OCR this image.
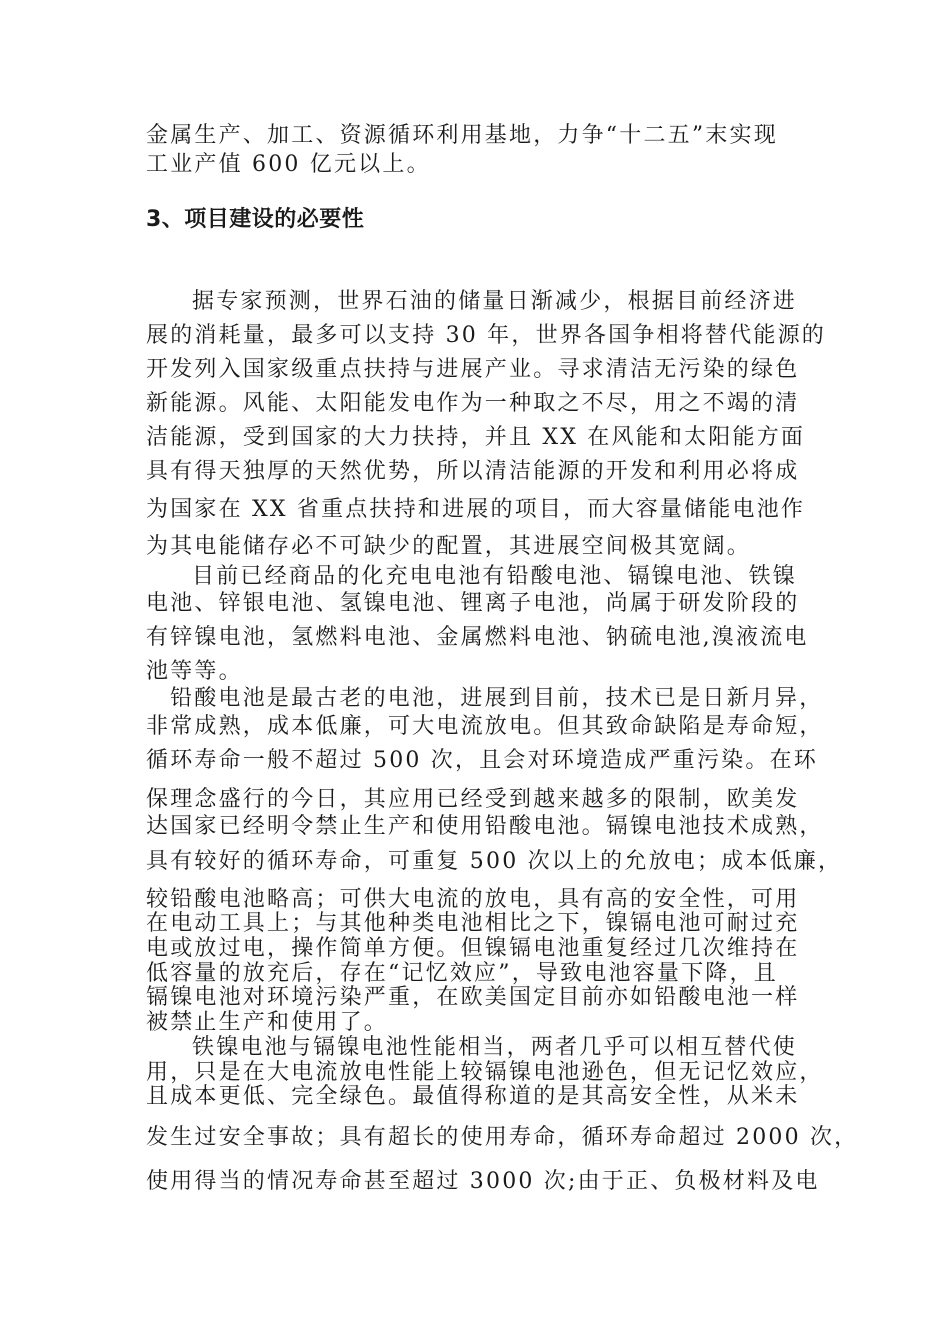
金属生产、加工、资源循环利用基地，力争“十二五”末实现
工业产值 600 亿元以上。
3、项目建设的必要性
据专家预测，世界石油的储量日渐减少，根据目前经济进
展的消耗量，最多可以支持 30 年，世界各国争相将替代能源的
开发列入国家级重点扶持与进展产业。寻求清洁无污染的绿色
新能源。风能、太阳能发电作为一种取之不尽，用之不竭的清
洁能源，受到国家的大力扶持，并且 XX 在风能和太阳能方面
具有得天独厚的天然优势，所以清洁能源的开发和利用必将成
为国家在 XX 省重点扶持和进展的项目，而大容量储能电池作
为其电能储存必不可缺少的配置，其进展空间极其宽阔。
目前已经商品的化充电电池有铅酸电池、镉镍电池、铁镍
电池、锌银电池、氢镍电池、锂离子电池，尚属于研发阶段的
有锌镍电池，氢燃料电池、金属燃料电池、钠硫电池,溴液流电
池等等。
铅酸电池是最古老的电池，进展到目前，技术已是日新月异，
非常成熟，成本低廉，可大电流放电。但其致命缺陷是寿命短，
循环寿命一般不超过 500 次，且会对环境造成严重污染。在环
保理念盛行的今日，其应用已经受到越来越多的限制，欧美发
达国家已经明令禁止生产和使用铅酸电池。镉镍电池技术成熟，
具有较好的循环寿命，可重复 500 次以上的允放电；成本低廉，
较铅酸电池略高；可供大电流的放电，具有高的安全性，可用
在电动工具上；与其他种类电池相比之下，镍镉电池可耐过充
电或放过电，操作简单方便。但镍镉电池重复经过几次维持在
低容量的放充后，存在“记忆效应”，导致电池容量下降，且
镉镍电池对环境污染严重，在欧美国定目前亦如铅酸电池一样
被禁止生产和使用了。
铁镍电池与镉镍电池性能相当，两者几乎可以相互替代使
用，只是在大电流放电性能上较镉镍电池逊色，但无记忆效应，
且成本更低、完全绿色。最值得称道的是其高安全性，从米未
发生过安全事故；具有超长的使用寿命，循环寿命超过 2000 次，
使用得当的情况寿命甚至超过 3000 次;由于正、负极材料及电
